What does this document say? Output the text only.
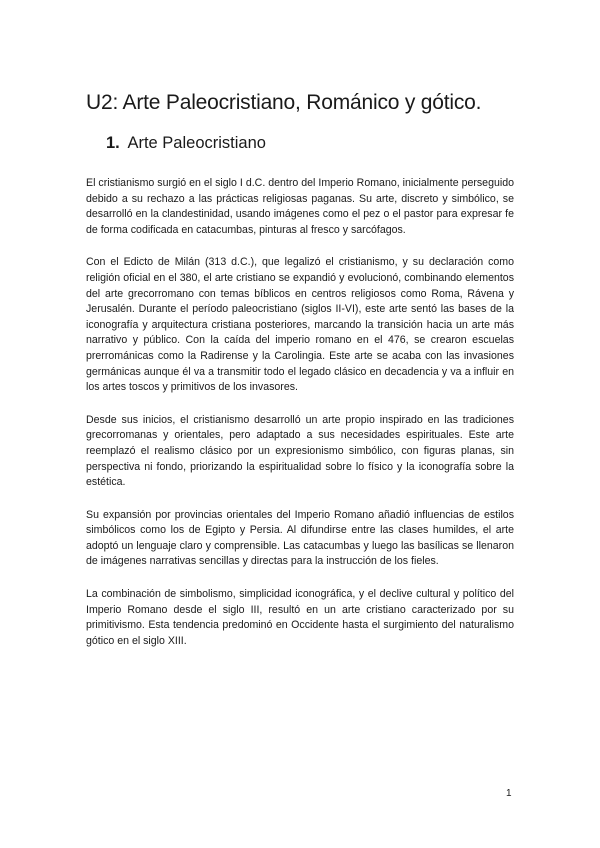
U2: Arte Paleocristiano, Románico y gótico.
1. Arte Paleocristiano

El cristianismo surgió en el siglo I d.C. dentro del Imperio Romano, inicialmente perseguido debido a su rechazo a las prácticas religiosas paganas. Su arte, discreto y simbólico, se desarrolló en la clandestinidad, usando imágenes como el pez o el pastor para expresar fe de forma codificada en catacumbas, pinturas al fresco y sarcófagos.

Con el Edicto de Milán (313 d.C.), que legalizó el cristianismo, y su declaración como religión oficial en el 380, el arte cristiano se expandió y evolucionó, combinando elementos del arte grecorromano con temas bíblicos en centros religiosos como Roma, Rávena y Jerusalén. Durante el período paleocristiano (siglos II-VI), este arte sentó las bases de la iconografía y arquitectura cristiana posteriores, marcando la transición hacia un arte más narrativo y público. Con la caída del imperio romano en el 476, se crearon escuelas prerrománicas como la Radirense y la Carolingia. Este arte se acaba con las invasiones germánicas aunque él va a transmitir todo el legado clásico en decadencia y va a influir en los artes toscos y primitivos de los invasores.

Desde sus inicios, el cristianismo desarrolló un arte propio inspirado en las tradiciones grecorromanas y orientales, pero adaptado a sus necesidades espirituales. Este arte reemplazó el realismo clásico por un expresionismo simbólico, con figuras planas, sin perspectiva ni fondo, priorizando la espiritualidad sobre lo físico y la iconografía sobre la estética.

Su expansión por provincias orientales del Imperio Romano añadió influencias de estilos simbólicos como los de Egipto y Persia. Al difundirse entre las clases humildes, el arte adoptó un lenguaje claro y comprensible. Las catacumbas y luego las basílicas se llenaron de imágenes narrativas sencillas y directas para la instrucción de los fieles.

La combinación de simbolismo, simplicidad iconográfica, y el declive cultural y político del Imperio Romano desde el siglo III, resultó en un arte cristiano caracterizado por su primitivismo. Esta tendencia predominó en Occidente hasta el surgimiento del naturalismo gótico en el siglo XIII.

1
